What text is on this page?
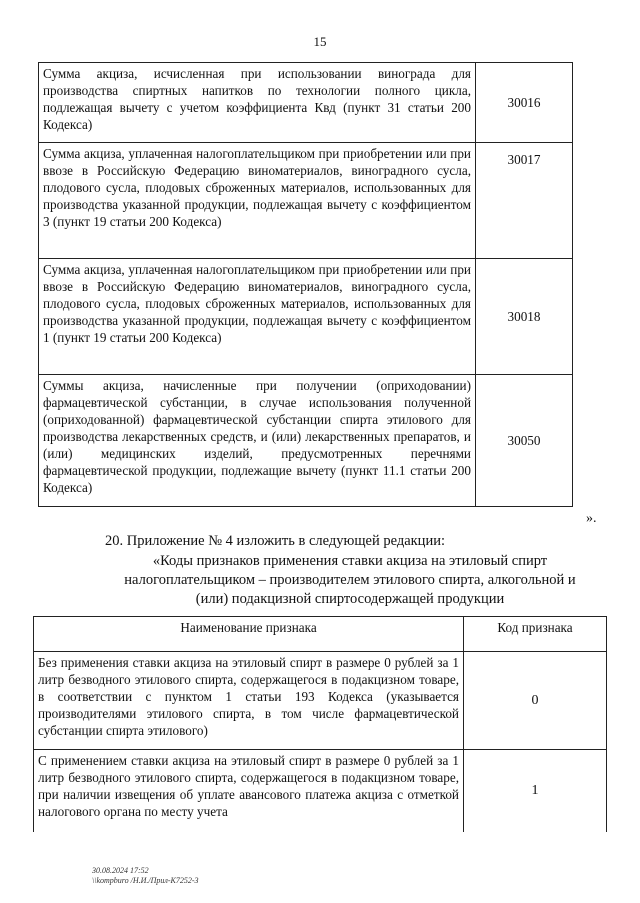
15
Сумма акциза, исчисленная при использовании винограда для производства спиртных напитков по технологии полного цикла, подлежащая вычету с учетом коэффициента Квд (пункт 31 статьи 200 Кодекса)	30016
Сумма акциза, уплаченная налогоплательщиком при приобретении или при ввозе в Российскую Федерацию виноматериалов, виноградного сусла, плодового сусла, плодовых сброженных материалов, использованных для производства указанной продукции, подлежащая вычету с коэффициентом 3 (пункт 19 статьи 200 Кодекса)	30017
Сумма акциза, уплаченная налогоплательщиком при приобретении или при ввозе в Российскую Федерацию виноматериалов, виноградного сусла, плодового сусла, плодовых сброженных материалов, использованных для производства указанной продукции, подлежащая вычету с коэффициентом 1 (пункт 19 статьи 200 Кодекса)	30018
Суммы акциза, начисленные при получении (оприходовании) фармацевтической субстанции, в случае использования полученной (оприходованной) фармацевтической субстанции спирта этилового для производства лекарственных средств, и (или) лекарственных препаратов, и (или) медицинских изделий, предусмотренных перечнями фармацевтической продукции, подлежащие вычету (пункт 11.1 статьи 200 Кодекса)	30050
».
20. Приложение № 4 изложить в следующей редакции:
«Коды признаков применения ставки акциза на этиловый спирт
налогоплательщиком – производителем этилового спирта, алкогольной и
(или) подакцизной спиртосодержащей продукции
Наименование признака	Код признака
Без применения ставки акциза на этиловый спирт в размере 0 рублей за 1 литр безводного этилового спирта, содержащегося в подакцизном товаре, в соответствии с пунктом 1 статьи 193 Кодекса (указывается производителями этилового спирта, в том числе фармацевтической субстанции спирта этилового)	0
С применением ставки акциза на этиловый спирт в размере 0 рублей за 1 литр безводного этилового спирта, содержащегося в подакцизном товаре, при наличии извещения об уплате авансового платежа акциза с отметкой налогового органа по месту учета	1
30.08.2024 17:52
\\kompburo /Н.И./Прил-К7252-3
